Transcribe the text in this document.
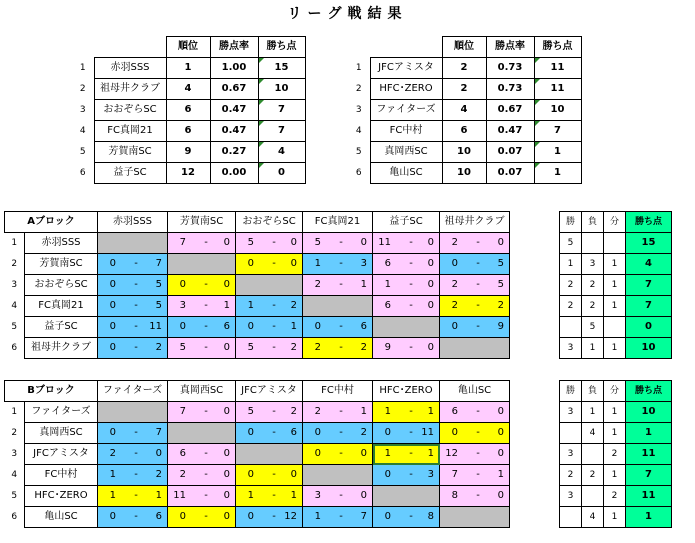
リーグ戦結果
		順位	勝点率	勝ち点
1	赤羽SSS	1	1.00	15
2	祖母井クラブ	4	0.67	10
3	おおぞらSC	6	0.47	7
4	FC真岡21	6	0.47	7
5	芳賀南SC	9	0.27	4
6	益子SC	12	0.00	0
		順位	勝点率	勝ち点
1	JFCアミスタ	2	0.73	11
2	HFC･ZERO	2	0.73	11
3	ファイターズ	4	0.67	10
4	FC中村	6	0.47	7
5	真岡西SC	10	0.07	1
6	亀山SC	10	0.07	1
Aブロック		赤羽SSS	芳賀南SC	おおぞらSC	FC真岡21	益子SC	祖母井クラブ
1	赤羽SSS		7 - 0	5 - 0	5 - 0	11 - 0	2 - 0

2	芳賀南SC	0 - 7		0 - 0	1 - 3	6 - 0	0 - 5

3	おおぞらSC	0 - 5	0 - 0		2 - 1	1 - 0	2 - 5

4	FC真岡21	0 - 5	3 - 1	1 - 2		6 - 0	2 - 2

5	益子SC	0 - 11	0 - 6	0 - 1	0 - 6		0 - 9

6	祖母井クラブ	0 - 2	5 - 0	5 - 2	2 - 2	9 - 0	

勝	負	分	勝ち点
5			15
1	3	1	4
2	2	1	7
2	2	1	7
	5		0
3	1	1	10
Bブロック		ファイターズ	真岡西SC	JFCアミスタ	FC中村	HFC･ZERO	亀山SC
1	ファイターズ		7 - 0	5 - 2	2 - 1	1 - 1	6 - 0

2	真岡西SC	0 - 7		0 - 6	0 - 2	0 - 11	0 - 0

3	JFCアミスタ	2 - 0	6 - 0		0 - 0	1 - 1	12 - 0

4	FC中村	1 - 2	2 - 0	0 - 0		0 - 3	7 - 1

5	HFC･ZERO	1 - 1	11 - 0	1 - 1	3 - 0		8 - 0

6	亀山SC	0 - 6	0 - 0	0 - 12	1 - 7	0 - 8	

勝	負	分	勝ち点
3	1	1	10
	4	1	1
3		2	11
2	2	1	7
3		2	11
	4	1	1
